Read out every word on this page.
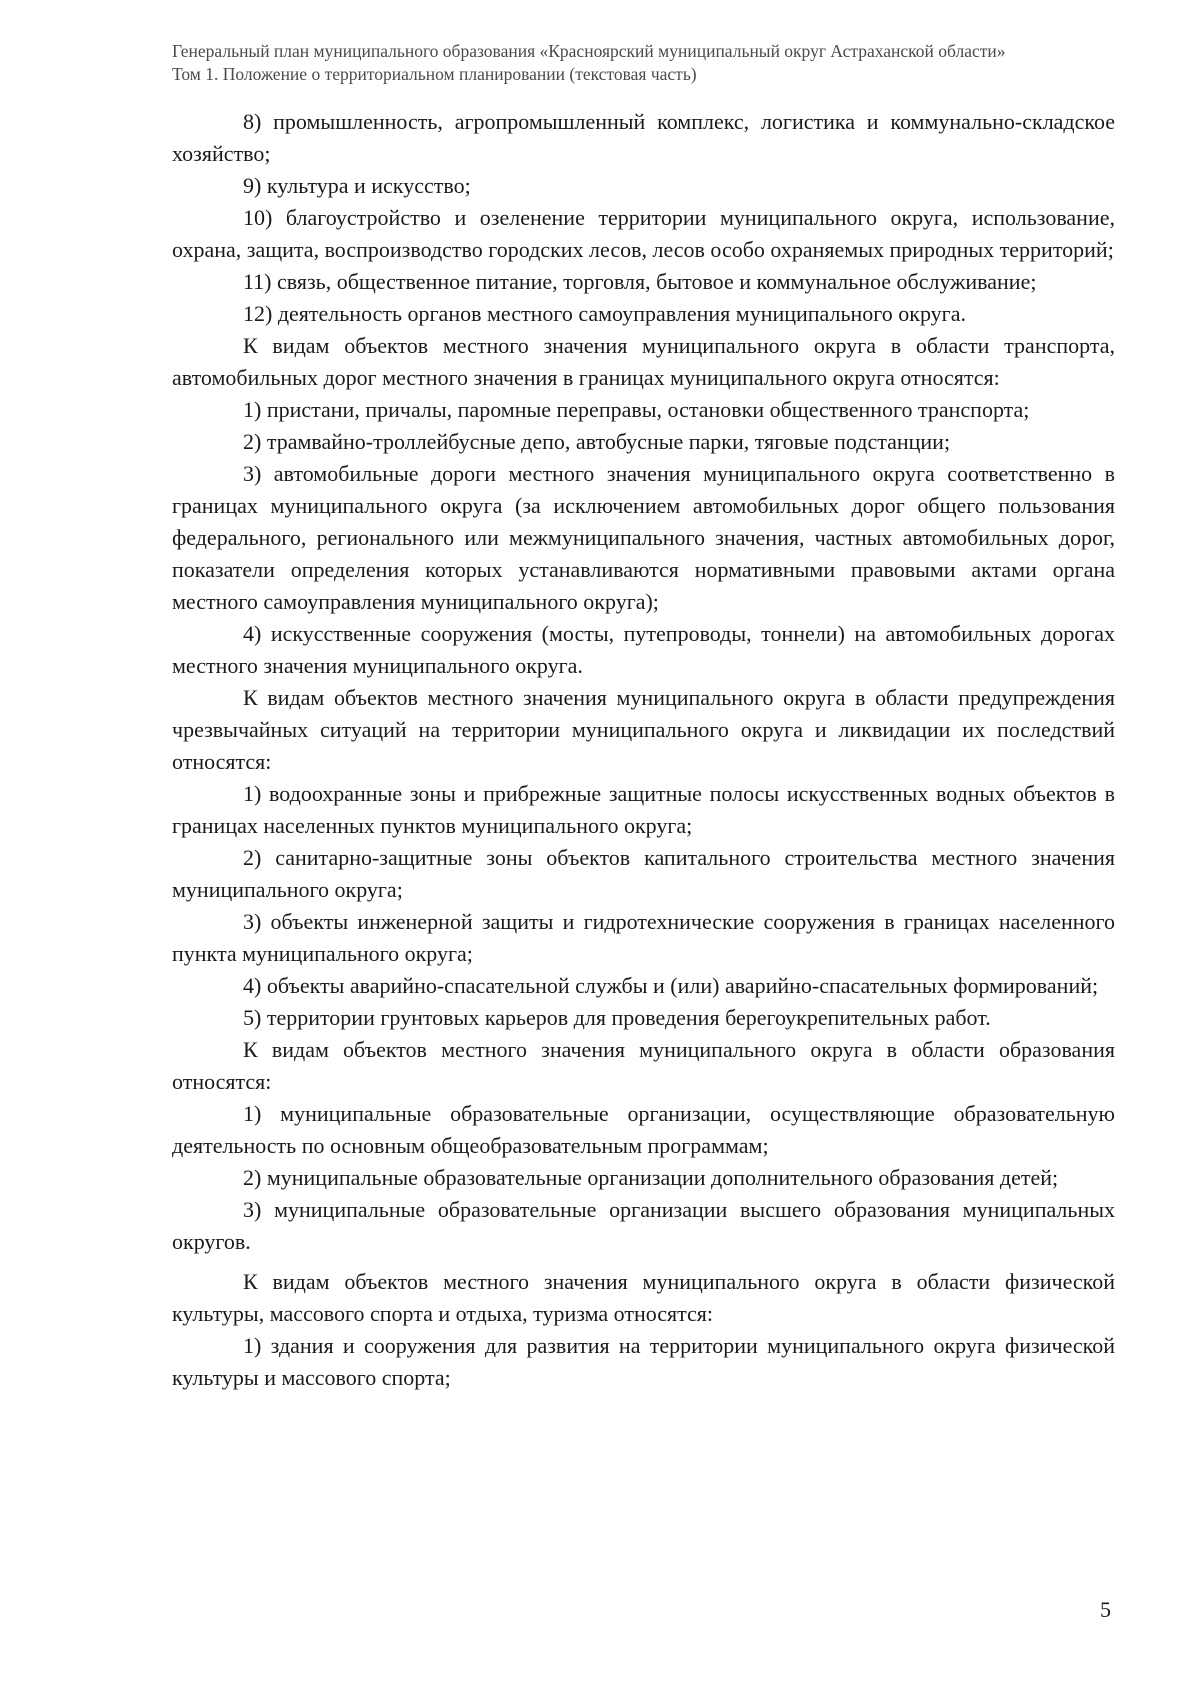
Генеральный план муниципального образования «Красноярский муниципальный округ Астраханской области»
Том 1. Положение о территориальном планировании (текстовая часть)

8) промышленность, агропромышленный комплекс, логистика и коммунально-складское хозяйство;

9) культура и искусство;

10) благоустройство и озеленение территории муниципального округа, использование, охрана, защита, воспроизводство городских лесов, лесов особо охраняемых природных территорий;

11) связь, общественное питание, торговля, бытовое и коммунальное обслуживание;

12) деятельность органов местного самоуправления муниципального округа.

К видам объектов местного значения муниципального округа в области транспорта, автомобильных дорог местного значения в границах муниципального округа относятся:

1) пристани, причалы, паромные переправы, остановки общественного транспорта;

2) трамвайно-троллейбусные депо, автобусные парки, тяговые подстанции;

3) автомобильные дороги местного значения муниципального округа соответственно в границах муниципального округа (за исключением автомобильных дорог общего пользования федерального, регионального или межмуниципального значения, частных автомобильных дорог, показатели определения которых устанавливаются нормативными правовыми актами органа местного самоуправления муниципального округа);

4) искусственные сооружения (мосты, путепроводы, тоннели) на автомобильных дорогах местного значения муниципального округа.

К видам объектов местного значения муниципального округа в области предупреждения чрезвычайных ситуаций на территории муниципального округа и ликвидации их последствий относятся:

1) водоохранные зоны и прибрежные защитные полосы искусственных водных объектов в границах населенных пунктов муниципального округа;

2) санитарно-защитные зоны объектов капитального строительства местного значения муниципального округа;

3) объекты инженерной защиты и гидротехнические сооружения в границах населенного пункта муниципального округа;

4) объекты аварийно-спасательной службы и (или) аварийно-спасательных формирований;

5) территории грунтовых карьеров для проведения берегоукрепительных работ.

К видам объектов местного значения муниципального округа в области образования относятся:

1) муниципальные образовательные организации, осуществляющие образовательную деятельность по основным общеобразовательным программам;

2) муниципальные образовательные организации дополнительного образования детей;

3) муниципальные образовательные организации высшего образования муниципальных округов.

К видам объектов местного значения муниципального округа в области физической культуры, массового спорта и отдыха, туризма относятся:

1) здания и сооружения для развития на территории муниципального округа физической культуры и массового спорта;

5
